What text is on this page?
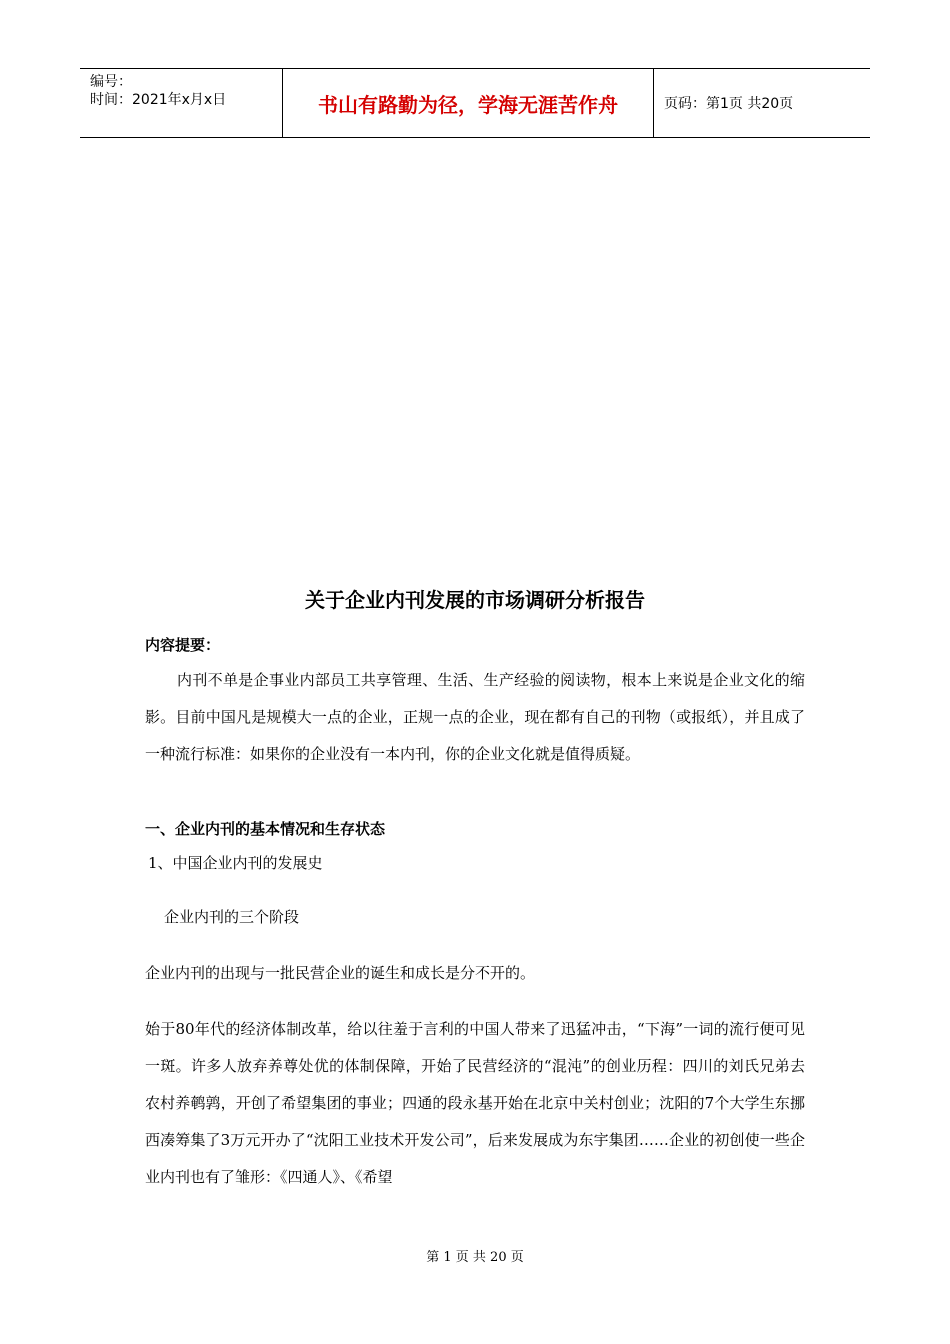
编号：
时间：2021年x月x日	书山有路勤为径，学海无涯苦作舟	页码：第1页 共20页
关于企业内刊发展的市场调研分析报告
内容提要：
内刊不单是企事业内部员工共享管理、生活、生产经验的阅读物，根本上来说是企业文化的缩影。目前中国凡是规模大一点的企业，正规一点的企业，现在都有自己的刊物（或报纸），并且成了一种流行标准：如果你的企业没有一本内刊，你的企业文化就是值得质疑。
一、企业内刊的基本情况和生存状态
1、中国企业内刊的发展史
企业内刊的三个阶段
企业内刊的出现与一批民营企业的诞生和成长是分不开的。
始于80年代的经济体制改革，给以往羞于言利的中国人带来了迅猛冲击，“下海”一词的流行便可见一斑。许多人放弃养尊处优的体制保障，开始了民营经济的“混沌”的创业历程：四川的刘氏兄弟去农村养鹌鹑，开创了希望集团的事业；四通的段永基开始在北京中关村创业；沈阳的7个大学生东挪西凑筹集了3万元开办了“沈阳工业技术开发公司”，后来发展成为东宇集团……企业的初创使一些企业内刊也有了雏形：《四通人》、《希望
第 1 页 共 20 页
